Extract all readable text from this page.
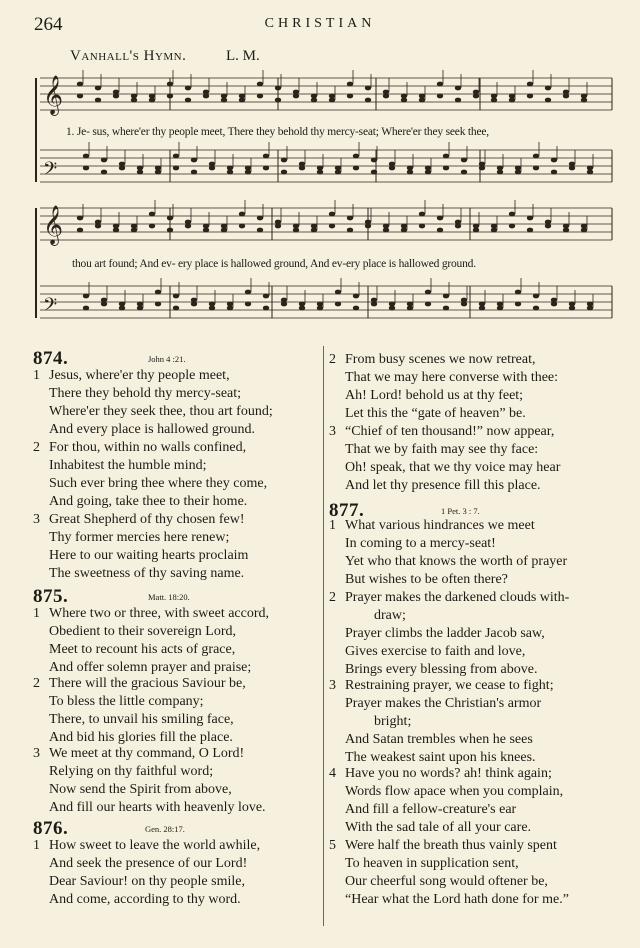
264	CHRISTIAN
Vanhall's Hymn.	L. M.
𝄞
𝄢
𝄞
𝄢
1. Je- sus, where'er thy people meet, There they behold thy mercy-seat; Where'er they seek thee,
thou art found; And ev- ery place is hallowed ground, And ev-ery place is hallowed ground.
874.	John 4 :21.
1 Jesus, where'er thy people meet,
There they behold thy mercy-seat;
Where'er they seek thee, thou art found;
And every place is hallowed ground.
2 For thou, within no walls confined,
Inhabitest the humble mind;
Such ever bring thee where they come,
And going, take thee to their home.
3 Great Shepherd of thy chosen few!
Thy former mercies here renew;
Here to our waiting hearts proclaim
The sweetness of thy saving name.
875.	Matt. 18:20.
1 Where two or three, with sweet accord,
Obedient to their sovereign Lord,
Meet to recount his acts of grace,
And offer solemn prayer and praise;
2 There will the gracious Saviour be,
To bless the little company;
There, to unvail his smiling face,
And bid his glories fill the place.
3 We meet at thy command, O Lord!
Relying on thy faithful word;
Now send the Spirit from above,
And fill our hearts with heavenly love.
876.	Gen. 28:17.
1 How sweet to leave the world awhile,
And seek the presence of our Lord!
Dear Saviour! on thy people smile,
And come, according to thy word.
2 From busy scenes we now retreat,
That we may here converse with thee:
Ah! Lord! behold us at thy feet;
Let this the “gate of heaven” be.
3 “Chief of ten thousand!” now appear,
That we by faith may see thy face:
Oh! speak, that we thy voice may hear
And let thy presence fill this place.
877.	1 Pet. 3 : 7.
1 What various hindrances we meet
In coming to a mercy-seat!
Yet who that knows the worth of prayer
But wishes to be often there?
2 Prayer makes the darkened clouds with-
draw;
Prayer climbs the ladder Jacob saw,
Gives exercise to faith and love,
Brings every blessing from above.
3 Restraining prayer, we cease to fight;
Prayer makes the Christian's armor
bright;
And Satan trembles when he sees
The weakest saint upon his knees.
4 Have you no words? ah! think again;
Words flow apace when you complain,
And fill a fellow-creature's ear
With the sad tale of all your care.
5 Were half the breath thus vainly spent
To heaven in supplication sent,
Our cheerful song would oftener be,
“Hear what the Lord hath done for me.”
